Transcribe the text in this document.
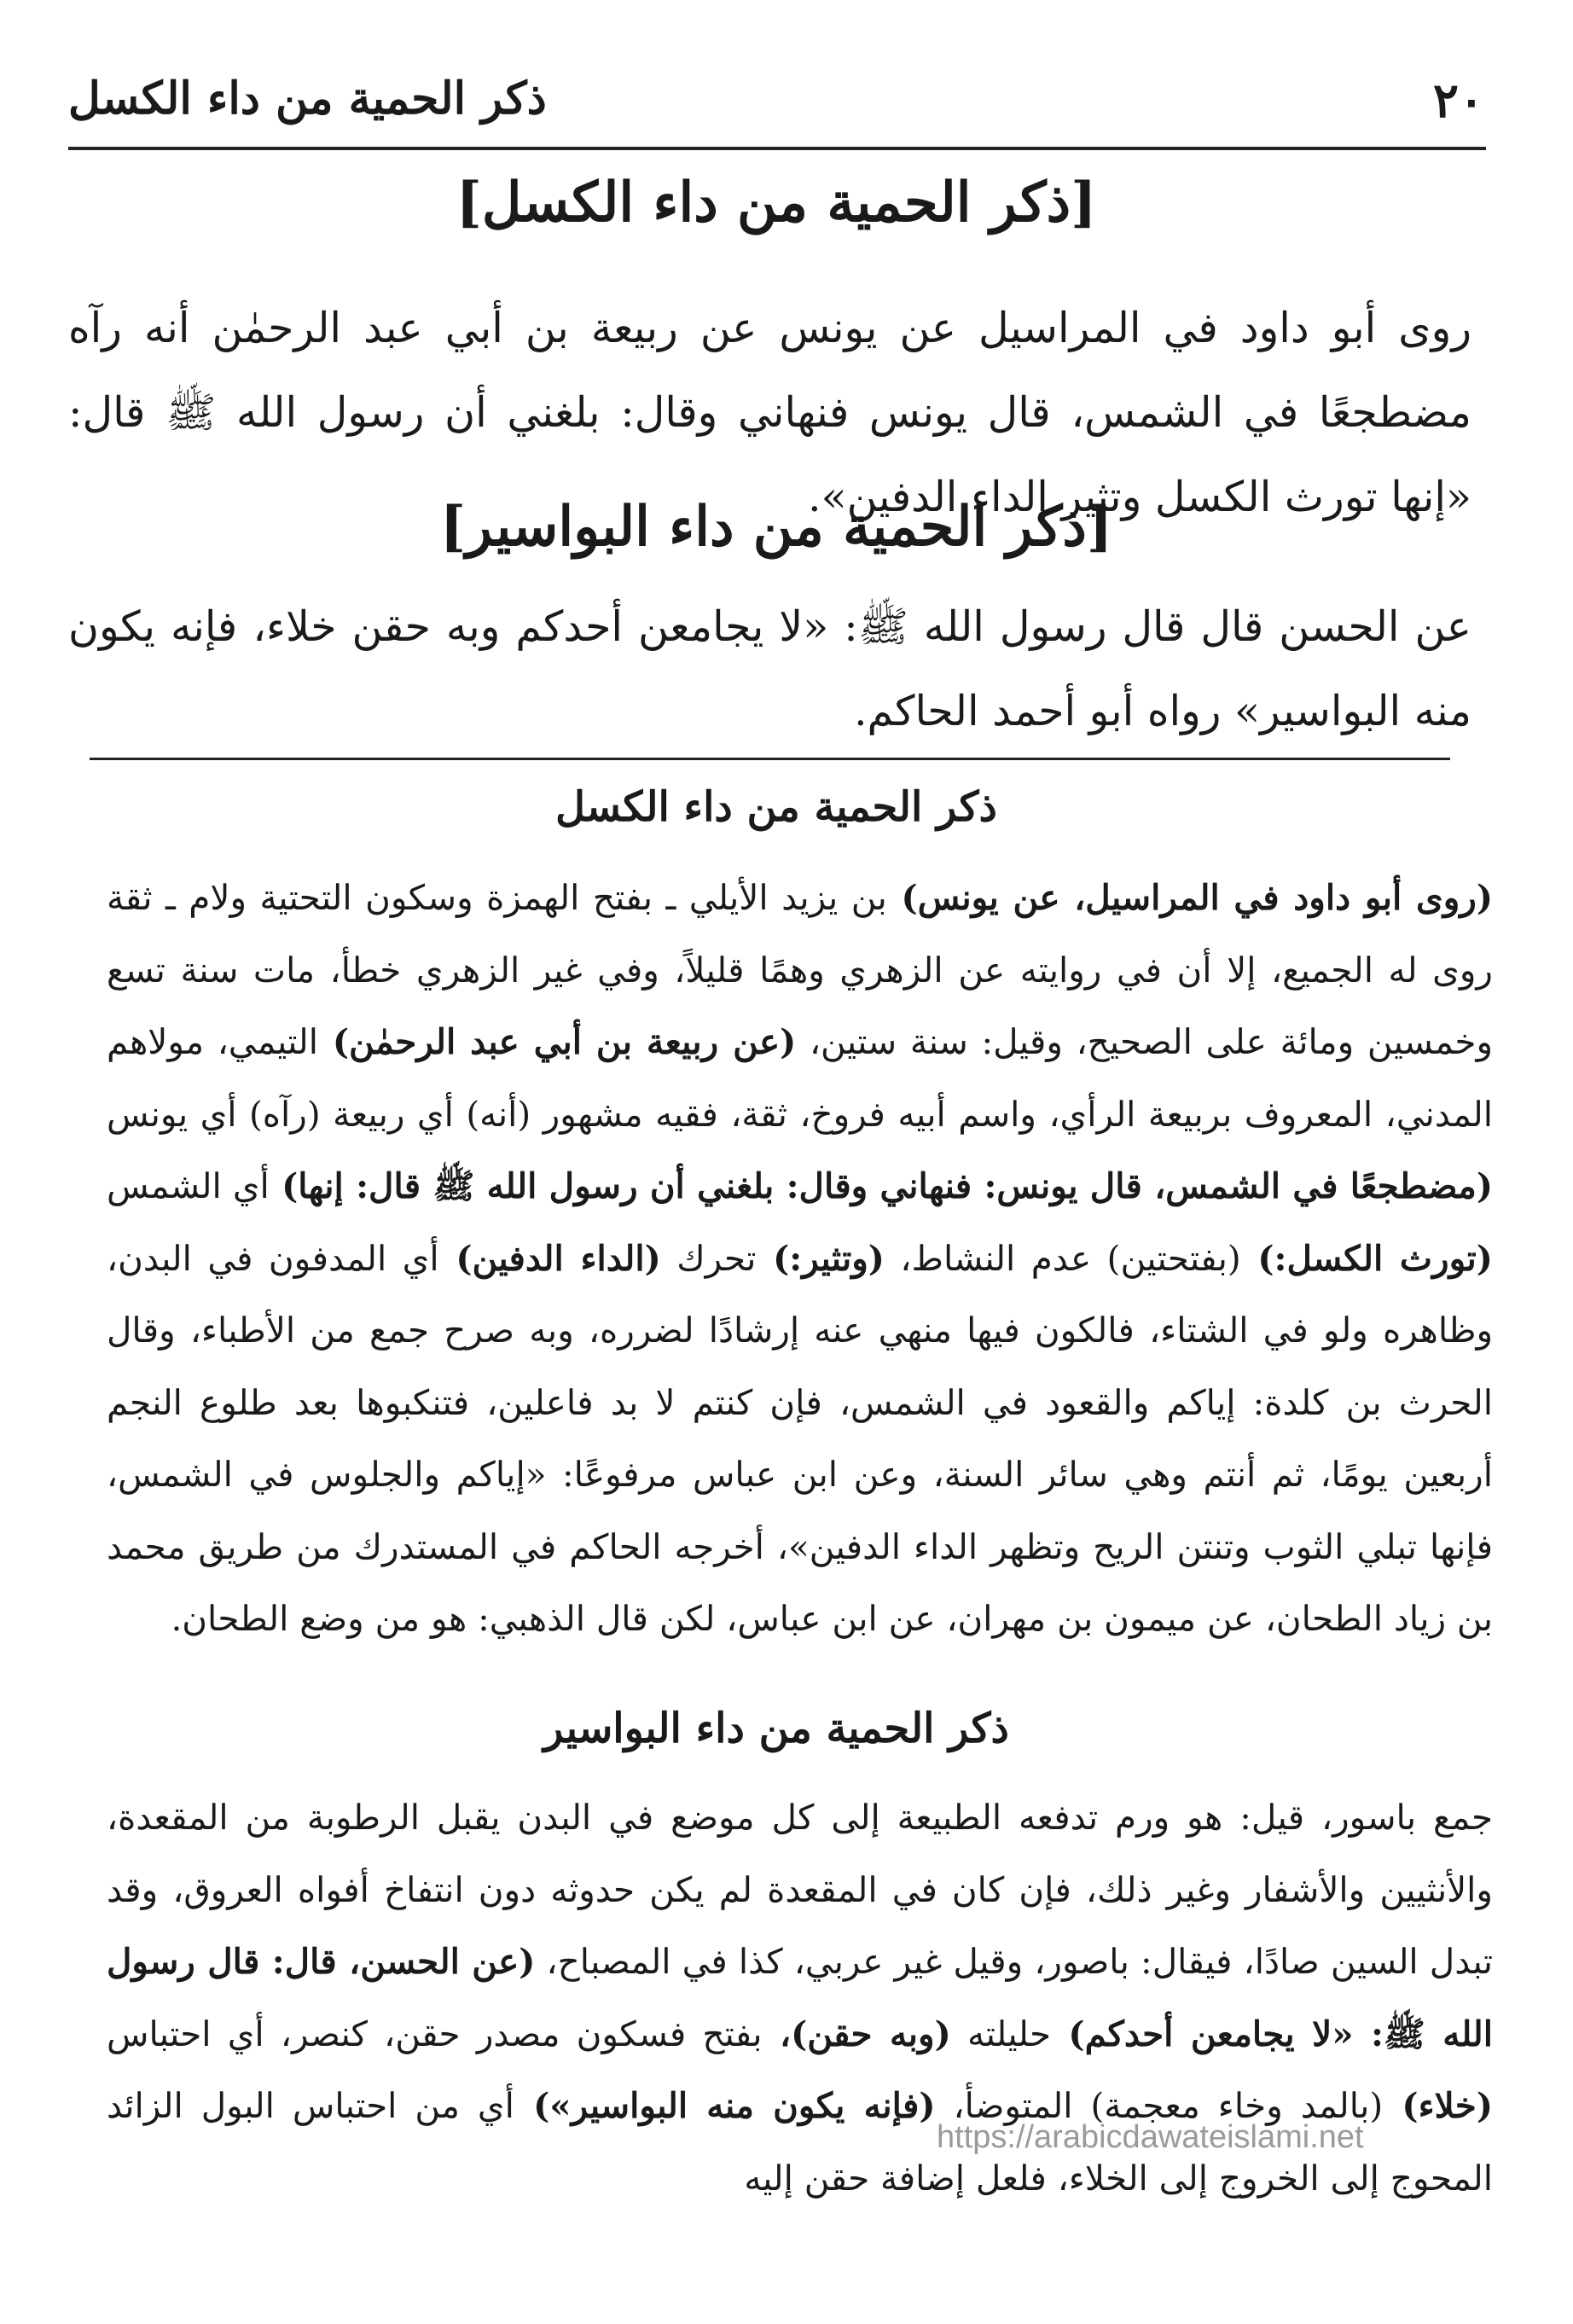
٢٠
ذكر الحمية من داء الكسل
[ذكر الحمية من داء الكسل]
روى أبو داود في المراسيل عن يونس عن ربيعة بن أبي عبد الرحمٰن أنه رآه مضطجعًا في الشمس، قال يونس فنهاني وقال: بلغني أن رسول الله ﷺ قال: «إنها تورث الكسل وتثير الداء الدفين».
[ذكر الحمية من داء البواسير]
عن الحسن قال قال رسول الله ﷺ: «لا يجامعن أحدكم وبه حقن خلاء، فإنه يكون منه البواسير» رواه أبو أحمد الحاكم.
ذكر الحمية من داء الكسل
(روى أبو داود في المراسيل، عن يونس) بن يزيد الأيلي ـ بفتح الهمزة وسكون التحتية ولام ـ ثقة روى له الجميع، إلا أن في روايته عن الزهري وهمًا قليلاً، وفي غير الزهري خطأ، مات سنة تسع وخمسين ومائة على الصحيح، وقيل: سنة ستين، (عن ربيعة بن أبي عبد الرحمٰن) التيمي، مولاهم المدني، المعروف بربيعة الرأي، واسم أبيه فروخ، ثقة، فقيه مشهور (أنه) أي ربيعة (رآه) أي يونس (مضطجعًا في الشمس، قال يونس: فنهاني وقال: بلغني أن رسول الله ﷺ قال: إنها) أي الشمس (تورث الكسل:) (بفتحتين) عدم النشاط، (وتثير:) تحرك (الداء الدفين) أي المدفون في البدن، وظاهره ولو في الشتاء، فالكون فيها منهي عنه إرشادًا لضرره، وبه صرح جمع من الأطباء، وقال الحرث بن كلدة: إياكم والقعود في الشمس، فإن كنتم لا بد فاعلين، فتنكبوها بعد طلوع النجم أربعين يومًا، ثم أنتم وهي سائر السنة، وعن ابن عباس مرفوعًا: «إياكم والجلوس في الشمس، فإنها تبلي الثوب وتنتن الريح وتظهر الداء الدفين»، أخرجه الحاكم في المستدرك من طريق محمد بن زياد الطحان، عن ميمون بن مهران، عن ابن عباس، لكن قال الذهبي: هو من وضع الطحان.
ذكر الحمية من داء البواسير
جمع باسور، قيل: هو ورم تدفعه الطبيعة إلى كل موضع في البدن يقبل الرطوبة من المقعدة، والأنثيين والأشفار وغير ذلك، فإن كان في المقعدة لم يكن حدوثه دون انتفاخ أفواه العروق، وقد تبدل السين صادًا، فيقال: باصور، وقيل غير عربي، كذا في المصباح، (عن الحسن، قال: قال رسول الله ﷺ: «لا يجامعن أحدكم) حليلته (وبه حقن)، بفتح فسكون مصدر حقن، كنصر، أي احتباس (خلاء) (بالمد وخاء معجمة) المتوضأ، (فإنه يكون منه البواسير») أي من احتباس البول الزائد المحوج إلى الخروج إلى الخلاء، فلعل إضافة حقن إليه
https://arabicdawateislami.net
